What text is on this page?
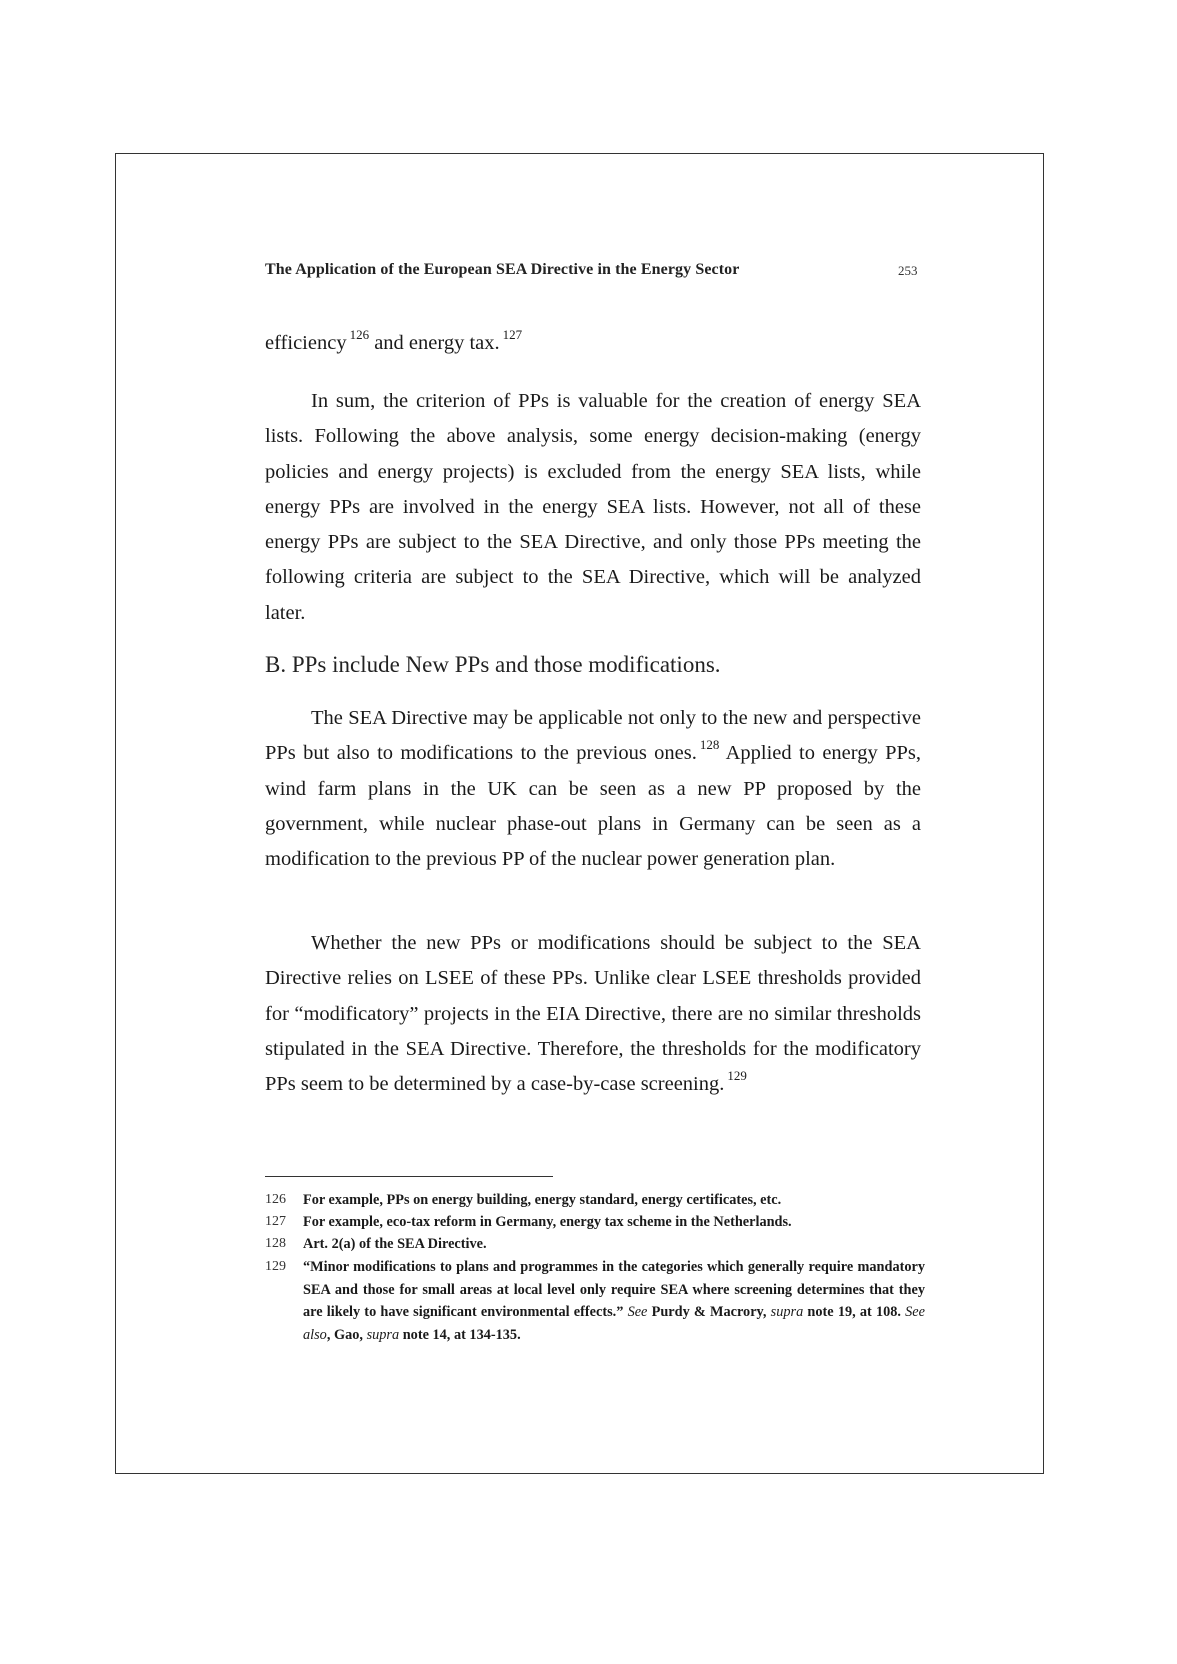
The Application of the European SEA Directive in the Energy Sector	253

efficiency $^{126}$ and energy tax. $^{127}$

In sum, the criterion of PPs is valuable for the creation of energy SEA lists. Following the above analysis, some energy decision-making (energy policies and energy projects) is excluded from the energy SEA lists, while energy PPs are involved in the energy SEA lists. However, not all of these energy PPs are subject to the SEA Directive, and only those PPs meeting the following criteria are subject to the SEA Directive, which will be analyzed later.

B. PPs include New PPs and those modifications.

The SEA Directive may be applicable not only to the new and perspective PPs but also to modifications to the previous ones. $^{128}$ Applied to energy PPs, wind farm plans in the UK can be seen as a new PP proposed by the government, while nuclear phase-out plans in Germany can be seen as a modification to the previous PP of the nuclear power generation plan.

Whether the new PPs or modifications should be subject to the SEA Directive relies on LSEE of these PPs. Unlike clear LSEE thresholds provided for “modificatory” projects in the EIA Directive, there are no similar thresholds stipulated in the SEA Directive. Therefore, the thresholds for the modificatory PPs seem to be determined by a case-by-case screening. $^{129}$

126 For example, PPs on energy building, energy standard, energy certificates, etc.
127 For example, eco-tax reform in Germany, energy tax scheme in the Netherlands.
128 Art. 2(a) of the SEA Directive.
129 “Minor modifications to plans and programmes in the categories which generally require mandatory SEA and those for small areas at local level only require SEA where screening determines that they are likely to have significant environmental effects.” See Purdy & Macrory, supra note 19, at 108. See also, Gao, supra note 14, at 134-135.
